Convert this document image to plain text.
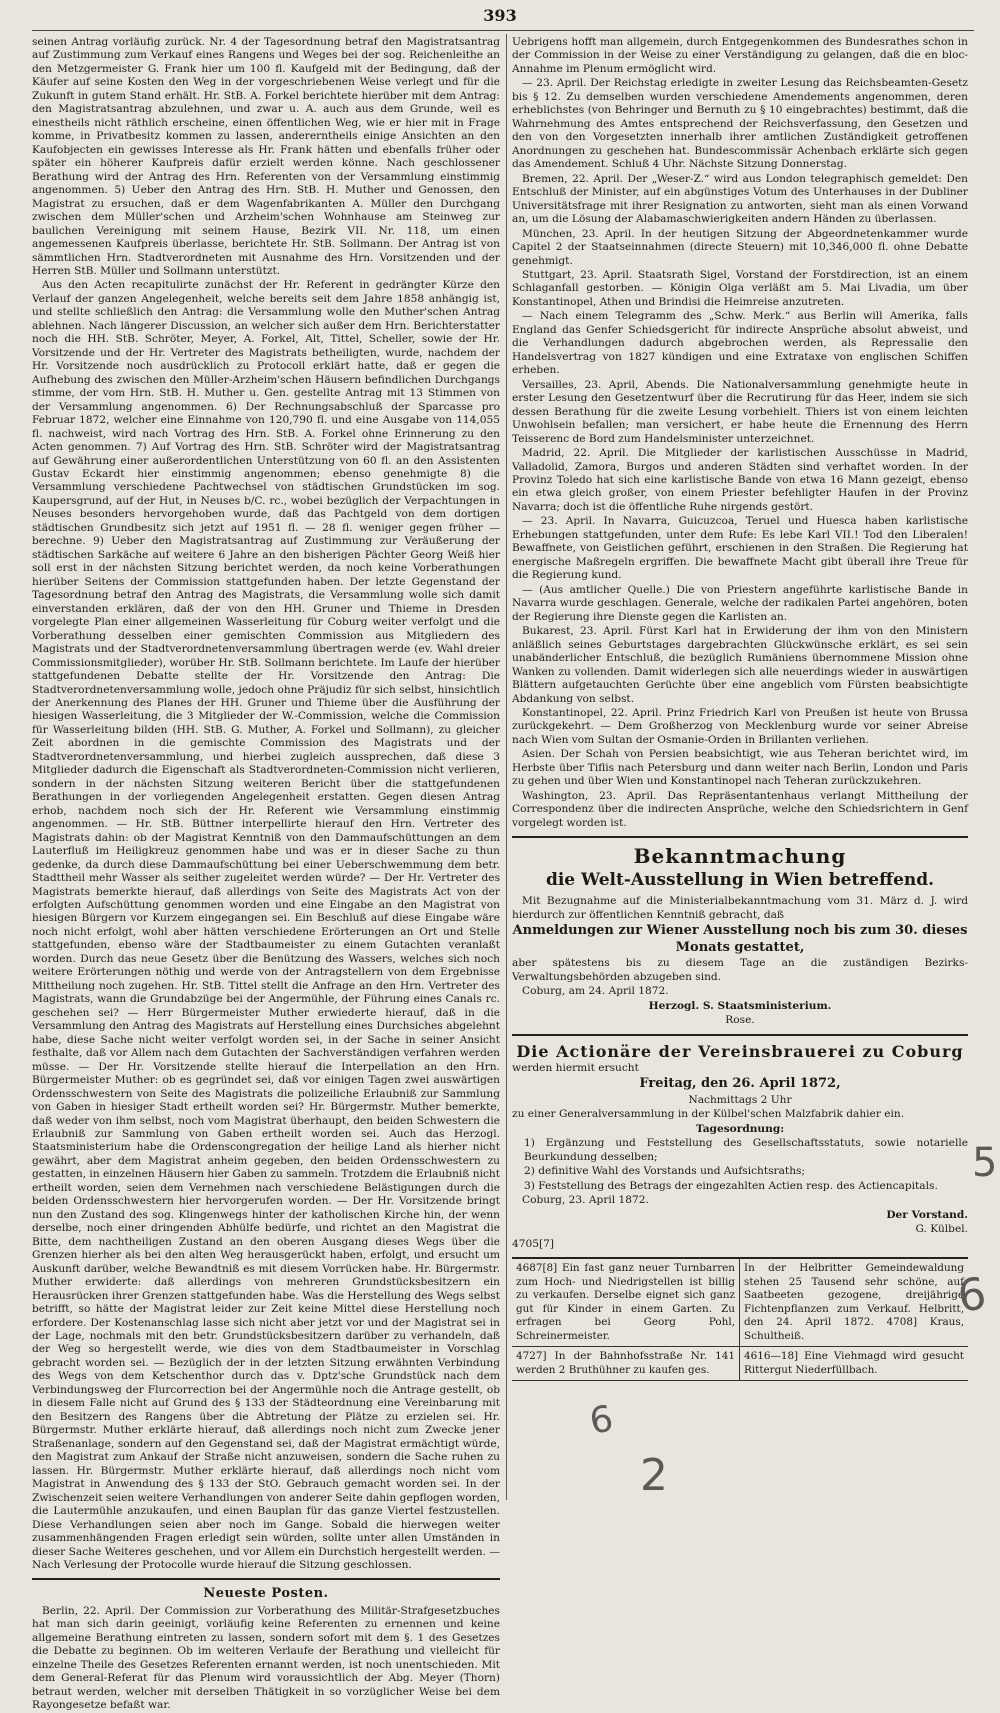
393

seinen Antrag vorläufig zurück. Nr. 4 der Tagesordnung betraf den Magistratsantrag auf Zustimmung zum Verkauf eines Rangens und Weges bei der sog. Reichenleithe an den Metzgermeister G. Frank hier um 100 fl. Kaufgeld mit der Bedingung, daß der Käufer auf seine Kosten den Weg in der vorgeschriebenen Weise verlegt und für die Zukunft in gutem Stand erhält. Hr. StB. A. Forkel berichtete hierüber mit dem Antrag: den Magistratsantrag abzulehnen, und zwar u. A. auch aus dem Grunde, weil es einestheils nicht räthlich erscheine, einen öffentlichen Weg, wie er hier mit in Frage komme, in Privatbesitz kommen zu lassen, andererntheils einige Ansichten an den Kaufobjecten ein gewisses Interesse als Hr. Frank hätten und ebenfalls früher oder später ein höherer Kaufpreis dafür erzielt werden könne. Nach geschlossener Berathung wird der Antrag des Hrn. Referenten von der Versammlung einstimmig angenommen. 5) Ueber den Antrag des Hrn. StB. H. Muther und Genossen, den Magistrat zu ersuchen, daß er dem Wagenfabrikanten A. Müller den Durchgang zwischen dem Müller'schen und Arzheim'schen Wohnhause am Steinweg zur baulichen Vereinigung mit seinem Hause, Bezirk VII. Nr. 118, um einen angemessenen Kaufpreis überlasse, berichtete Hr. StB. Sollmann. Der Antrag ist von sämmtlichen Hrn. Stadtverordneten mit Ausnahme des Hrn. Vorsitzenden und der Herren StB. Müller und Sollmann unterstützt.

Aus den Acten recapitulirte zunächst der Hr. Referent in gedrängter Kürze den Verlauf der ganzen Angelegenheit, welche bereits seit dem Jahre 1858 anhängig ist, und stellte schließlich den Antrag: die Versammlung wolle den Muther'schen Antrag ablehnen. Nach längerer Discussion, an welcher sich außer dem Hrn. Berichterstatter noch die HH. StB. Schröter, Meyer, A. Forkel, Alt, Tittel, Scheller, sowie der Hr. Vorsitzende und der Hr. Vertreter des Magistrats betheiligten, wurde, nachdem der Hr. Vorsitzende noch ausdrücklich zu Protocoll erklärt hatte, daß er gegen die Aufhebung des zwischen den Müller-Arzheim'schen Häusern befindlichen Durchgangs stimme, der vom Hrn. StB. H. Muther u. Gen. gestellte Antrag mit 13 Stimmen von der Versammlung angenommen. 6) Der Rechnungsabschluß der Sparcasse pro Februar 1872, welcher eine Einnahme von 120,790 fl. und eine Ausgabe von 114,055 fl. nachweist, wird nach Vortrag des Hrn. StB. A. Forkel ohne Erinnerung zu den Acten genommen. 7) Auf Vortrag des Hrn. StB. Schröter wird der Magistratsantrag auf Gewährung einer außerordentlichen Unterstützung von 60 fl. an den Assistenten Gustav Eckardt hier einstimmig angenommen; ebenso genehmigte 8) die Versammlung verschiedene Pachtwechsel von städtischen Grundstücken im sog. Kaupersgrund, auf der Hut, in Neuses b/C. rc., wobei bezüglich der Verpachtungen in Neuses besonders hervorgehoben wurde, daß das Pachtgeld von dem dortigen städtischen Grundbesitz sich jetzt auf 1951 fl. — 28 fl. weniger gegen früher — berechne. 9) Ueber den Magistratsantrag auf Zustimmung zur Veräußerung der städtischen Sarkäche auf weitere 6 Jahre an den bisherigen Pächter Georg Weiß hier soll erst in der nächsten Sitzung berichtet werden, da noch keine Vorberathungen hierüber Seitens der Commission stattgefunden haben. Der letzte Gegenstand der Tagesordnung betraf den Antrag des Magistrats, die Versammlung wolle sich damit einverstanden erklären, daß der von den HH. Gruner und Thieme in Dresden vorgelegte Plan einer allgemeinen Wasserleitung für Coburg weiter verfolgt und die Vorberathung desselben einer gemischten Commission aus Mitgliedern des Magistrats und der Stadtverordnetenversammlung übertragen werde (ev. Wahl dreier Commissionsmitglieder), worüber Hr. StB. Sollmann berichtete. Im Laufe der hierüber stattgefundenen Debatte stellte der Hr. Vorsitzende den Antrag: Die Stadtverordnetenversammlung wolle, jedoch ohne Präjudiz für sich selbst, hinsichtlich der Anerkennung des Planes der HH. Gruner und Thieme über die Ausführung der hiesigen Wasserleitung, die 3 Mitglieder der W.-Commission, welche die Commission für Wasserleitung bilden (HH. StB. G. Muther, A. Forkel und Sollmann), zu gleicher Zeit abordnen in die gemischte Commission des Magistrats und der Stadtverordnetenversammlung, und hierbei zugleich aussprechen, daß diese 3 Mitglieder dadurch die Eigenschaft als Stadtverordneten-Commission nicht verlieren, sondern in der nächsten Sitzung weiteren Bericht über die stattgefundenen Berathungen in der vorliegenden Angelegenheit erstatten. Gegen diesen Antrag erhob, nachdem noch sich der Hr. Referent wie Versammlung einstimmig angenommen. — Hr. StB. Büttner interpellirte hierauf den Hrn. Vertreter des Magistrats dahin: ob der Magistrat Kenntniß von den Dammaufschüttungen an dem Lauterfluß im Heiligkreuz genommen habe und was er in dieser Sache zu thun gedenke, da durch diese Dammaufschüttung bei einer Ueberschwemmung dem betr. Stadttheil mehr Wasser als seither zugeleitet werden würde? — Der Hr. Vertreter des Magistrats bemerkte hierauf, daß allerdings von Seite des Magistrats Act von der erfolgten Aufschüttung genommen worden und eine Eingabe an den Magistrat von hiesigen Bürgern vor Kurzem eingegangen sei. Ein Beschluß auf diese Eingabe wäre noch nicht erfolgt, wohl aber hätten verschiedene Erörterungen an Ort und Stelle stattgefunden, ebenso wäre der Stadtbaumeister zu einem Gutachten veranlaßt worden. Durch das neue Gesetz über die Benützung des Wassers, welches sich noch weitere Erörterungen nöthig und werde von der Antragstellern von dem Ergebnisse Mittheilung noch zugehen. Hr. StB. Tittel stellt die Anfrage an den Hrn. Vertreter des Magistrats, wann die Grundabzüge bei der Angermühle, der Führung eines Canals rc. geschehen sei? — Herr Bürgermeister Muther erwiederte hierauf, daß in die Versammlung den Antrag des Magistrats auf Herstellung eines Durchsiches abgelehnt habe, diese Sache nicht weiter verfolgt worden sei, in der Sache in seiner Ansicht festhalte, daß vor Allem nach dem Gutachten der Sachverständigen verfahren werden müsse. — Der Hr. Vorsitzende stellte hierauf die Interpellation an den Hrn. Bürgermeister Muther: ob es gegründet sei, daß vor einigen Tagen zwei auswärtigen Ordensschwestern von Seite des Magistrats die polizeiliche Erlaubniß zur Sammlung von Gaben in hiesiger Stadt ertheilt worden sei? Hr. Bürgermstr. Muther bemerkte, daß weder von ihm selbst, noch vom Magistrat überhaupt, den beiden Schwestern die Erlaubniß zur Sammlung von Gaben ertheilt worden sei. Auch das Herzogl. Staatsministerium habe die Ordenscongregation der heilige Land als hierher nicht gewährt, aber dem Magistrat anheim gegeben, den beiden Ordensschwestern zu gestatten, in einzelnen Häusern hier Gaben zu sammeln. Trotzdem die Erlaubniß nicht ertheilt worden, seien dem Vernehmen nach verschiedene Belästigungen durch die beiden Ordensschwestern hier hervorgerufen worden. — Der Hr. Vorsitzende bringt nun den Zustand des sog. Klingenwegs hinter der katholischen Kirche hin, der wenn derselbe, noch einer dringenden Abhülfe bedürfe, und richtet an den Magistrat die Bitte, dem nachtheiligen Zustand an den oberen Ausgang dieses Wegs über die Grenzen hierher als bei den alten Weg herausgerückt haben, erfolgt, und ersucht um Auskunft darüber, welche Bewandtniß es mit diesem Vorrücken habe. Hr. Bürgermstr. Muther erwiderte: daß allerdings von mehreren Grundstücksbesitzern ein Herausrücken ihrer Grenzen stattgefunden habe. Was die Herstellung des Wegs selbst betrifft, so hätte der Magistrat leider zur Zeit keine Mittel diese Herstellung noch erfordere. Der Kostenanschlag lasse sich nicht aber jetzt vor und der Magistrat sei in der Lage, nochmals mit den betr. Grundstücksbesitzern darüber zu verhandeln, daß der Weg so hergestellt werde, wie dies von dem Stadtbaumeister in Vorschlag gebracht worden sei. — Bezüglich der in der letzten Sitzung erwähnten Verbindung des Wegs von dem Ketschenthor durch das v. Dptz'sche Grundstück nach dem Verbindungsweg der Flurcorrection bei der Angermühle noch die Antrage gestellt, ob in diesem Falle nicht auf Grund des § 133 der Städteordnung eine Vereinbarung mit den Besitzern des Rangens über die Abtretung der Plätze zu erzielen sei. Hr. Bürgermstr. Muther erklärte hierauf, daß allerdings noch nicht zum Zwecke jener Straßenanlage, sondern auf den Gegenstand sei, daß der Magistrat ermächtigt würde, den Magistrat zum Ankauf der Straße nicht anzuweisen, sondern die Sache ruhen zu lassen. Hr. Bürgermstr. Muther erklärte hierauf, daß allerdings noch nicht vom Magistrat in Anwendung des § 133 der StO. Gebrauch gemacht worden sei. In der Zwischenzeit seien weitere Verhandlungen von anderer Seite dahin gepflogen worden, die Lautermühle anzukaufen, und einen Bauplan für das ganze Viertel festzustellen. Diese Verhandlungen seien aber noch im Gange. Sobald die hierwegen weiter zusammenhängenden Fragen erledigt sein würden, sollte unter allen Umständen in dieser Sache Weiteres geschehen, und vor Allem ein Durchstich hergestellt werden. — Nach Verlesung der Protocolle wurde hierauf die Sitzung geschlossen.

Neueste Posten.

Berlin, 22. April. Der Commission zur Vorberathung des Militär-Strafgesetzbuches hat man sich darin geeinigt, vorläufig keine Referenten zu ernennen und keine allgemeine Berathung eintreten zu lassen, sondern sofort mit dem §. 1 des Gesetzes die Debatte zu beginnen. Ob im weiteren Verlaufe der Berathung und vielleicht für einzelne Theile des Gesetzes Referenten ernannt werden, ist noch unentschieden. Mit dem General-Referat für das Plenum wird voraussichtlich der Abg. Meyer (Thorn) betraut werden, welcher mit derselben Thätigkeit in so vorzüglicher Weise bei dem Rayongesetze befaßt war.

Uebrigens hofft man allgemein, durch Entgegenkommen des Bundesrathes schon in der Commission in der Weise zu einer Verständigung zu gelangen, daß die en bloc-Annahme im Plenum ermöglicht wird.

— 23. April. Der Reichstag erledigte in zweiter Lesung das Reichsbeamten-Gesetz bis § 12. Zu demselben wurden verschiedene Amendements angenommen, deren erheblichstes (von Behringer und Bernuth zu § 10 eingebrachtes) bestimmt, daß die Wahrnehmung des Amtes entsprechend der Reichsverfassung, den Gesetzen und den von den Vorgesetzten innerhalb ihrer amtlichen Zuständigkeit getroffenen Anordnungen zu geschehen hat. Bundescommissär Achenbach erklärte sich gegen das Amendement. Schluß 4 Uhr. Nächste Sitzung Donnerstag.

Bremen, 22. April. Der „Weser-Z.“ wird aus London telegraphisch gemeldet: Den Entschluß der Minister, auf ein abgünstiges Votum des Unterhauses in der Dubliner Universitätsfrage mit ihrer Resignation zu antworten, sieht man als einen Vorwand an, um die Lösung der Alabamaschwierigkeiten andern Händen zu überlassen.

München, 23. April. In der heutigen Sitzung der Abgeordnetenkammer wurde Capitel 2 der Staatseinnahmen (directe Steuern) mit 10,346,000 fl. ohne Debatte genehmigt.

Stuttgart, 23. April. Staatsrath Sigel, Vorstand der Forstdirection, ist an einem Schlaganfall gestorben. — Königin Olga verläßt am 5. Mai Livadia, um über Konstantinopel, Athen und Brindisi die Heimreise anzutreten.

— Nach einem Telegramm des „Schw. Merk.“ aus Berlin will Amerika, falls England das Genfer Schiedsgericht für indirecte Ansprüche absolut abweist, und die Verhandlungen dadurch abgebrochen werden, als Repressalie den Handelsvertrag von 1827 kündigen und eine Extrataxe von englischen Schiffen erheben.

Versailles, 23. April, Abends. Die Nationalversammlung genehmigte heute in erster Lesung den Gesetzentwurf über die Recrutirung für das Heer, indem sie sich dessen Berathung für die zweite Lesung vorbehielt. Thiers ist von einem leichten Unwohlsein befallen; man versichert, er habe heute die Ernennung des Herrn Teisserenc de Bord zum Handelsminister unterzeichnet.

Madrid, 22. April. Die Mitglieder der karlistischen Ausschüsse in Madrid, Valladolid, Zamora, Burgos und anderen Städten sind verhaftet worden. In der Provinz Toledo hat sich eine karlistische Bande von etwa 16 Mann gezeigt, ebenso ein etwa gleich großer, von einem Priester befehligter Haufen in der Provinz Navarra; doch ist die öffentliche Ruhe nirgends gestört.

— 23. April. In Navarra, Guicuzcoa, Teruel und Huesca haben karlistische Erhebungen stattgefunden, unter dem Rufe: Es lebe Karl VII.! Tod den Liberalen! Bewaffnete, von Geistlichen geführt, erschienen in den Straßen. Die Regierung hat energische Maßregeln ergriffen. Die bewaffnete Macht gibt überall ihre Treue für die Regierung kund.

— (Aus amtlicher Quelle.) Die von Priestern angeführte karlistische Bande in Navarra wurde geschlagen. Generale, welche der radikalen Partei angehören, boten der Regierung ihre Dienste gegen die Karlisten an.

Bukarest, 23. April. Fürst Karl hat in Erwiderung der ihm von den Ministern anläßlich seines Geburtstages dargebrachten Glückwünsche erklärt, es sei sein unabänderlicher Entschluß, die bezüglich Rumäniens übernommene Mission ohne Wanken zu vollenden. Damit widerlegen sich alle neuerdings wieder in auswärtigen Blättern aufgetauchten Gerüchte über eine angeblich vom Fürsten beabsichtigte Abdankung von selbst.

Konstantinopel, 22. April. Prinz Friedrich Karl von Preußen ist heute von Brussa zurückgekehrt. — Dem Großherzog von Mecklenburg wurde vor seiner Abreise nach Wien vom Sultan der Osmanie-Orden in Brillanten verliehen.

Asien. Der Schah von Persien beabsichtigt, wie aus Teheran berichtet wird, im Herbste über Tiflis nach Petersburg und dann weiter nach Berlin, London und Paris zu gehen und über Wien und Konstantinopel nach Teheran zurückzukehren.

Washington, 23. April. Das Repräsentantenhaus verlangt Mittheilung der Correspondenz über die indirecten Ansprüche, welche den Schiedsrichtern in Genf vorgelegt worden ist.

Bekanntmachung
die Welt-Ausstellung in Wien betreffend.

Mit Bezugnahme auf die Ministerialbekanntmachung vom 31. März d. J. wird hierdurch zur öffentlichen Kenntniß gebracht, daß

Anmeldungen zur Wiener Ausstellung noch bis zum 30. dieses Monats gestattet,

aber spätestens bis zu diesem Tage an die zuständigen Bezirks-Verwaltungsbehörden abzugeben sind.

Coburg, am 24. April 1872.

Herzogl. S. Staatsministerium.

Rose.

Die Actionäre der Vereinsbrauerei zu Coburg

werden hiermit ersucht

Freitag, den 26. April 1872,

Nachmittags 2 Uhr

zu einer Generalversammlung in der Külbel'schen Malzfabrik dahier ein.

Tagesordnung:

1) Ergänzung und Feststellung des Gesellschaftsstatuts, sowie notarielle Beurkundung desselben;

2) definitive Wahl des Vorstands und Aufsichtsraths;

3) Feststellung des Betrags der eingezahlten Actien resp. des Actiencapitals.

Coburg, 23. April 1872.

Der Vorstand.

G. Külbel.

4705[7]

4687[8] Ein fast ganz neuer Turnbarren zum Hoch- und Niedrigstellen ist billig zu verkaufen. Derselbe eignet sich ganz gut für Kinder in einem Garten. Zu erfragen bei Georg Pohl, Schreinermeister.
In der Helbritter Gemeindewaldung stehen 25 Tausend sehr schöne, auf Saatbeeten gezogene, dreijährige Fichtenpflanzen zum Verkauf. Helbritt, den 24. April 1872. 4708] Kraus, Schultheiß.
4727] In der Bahnhofsstraße Nr. 141 werden 2 Bruthühner zu kaufen ges.
4616—18] Eine Viehmagd wird gesucht Rittergut Niederfüllbach.
5
6
6
2
